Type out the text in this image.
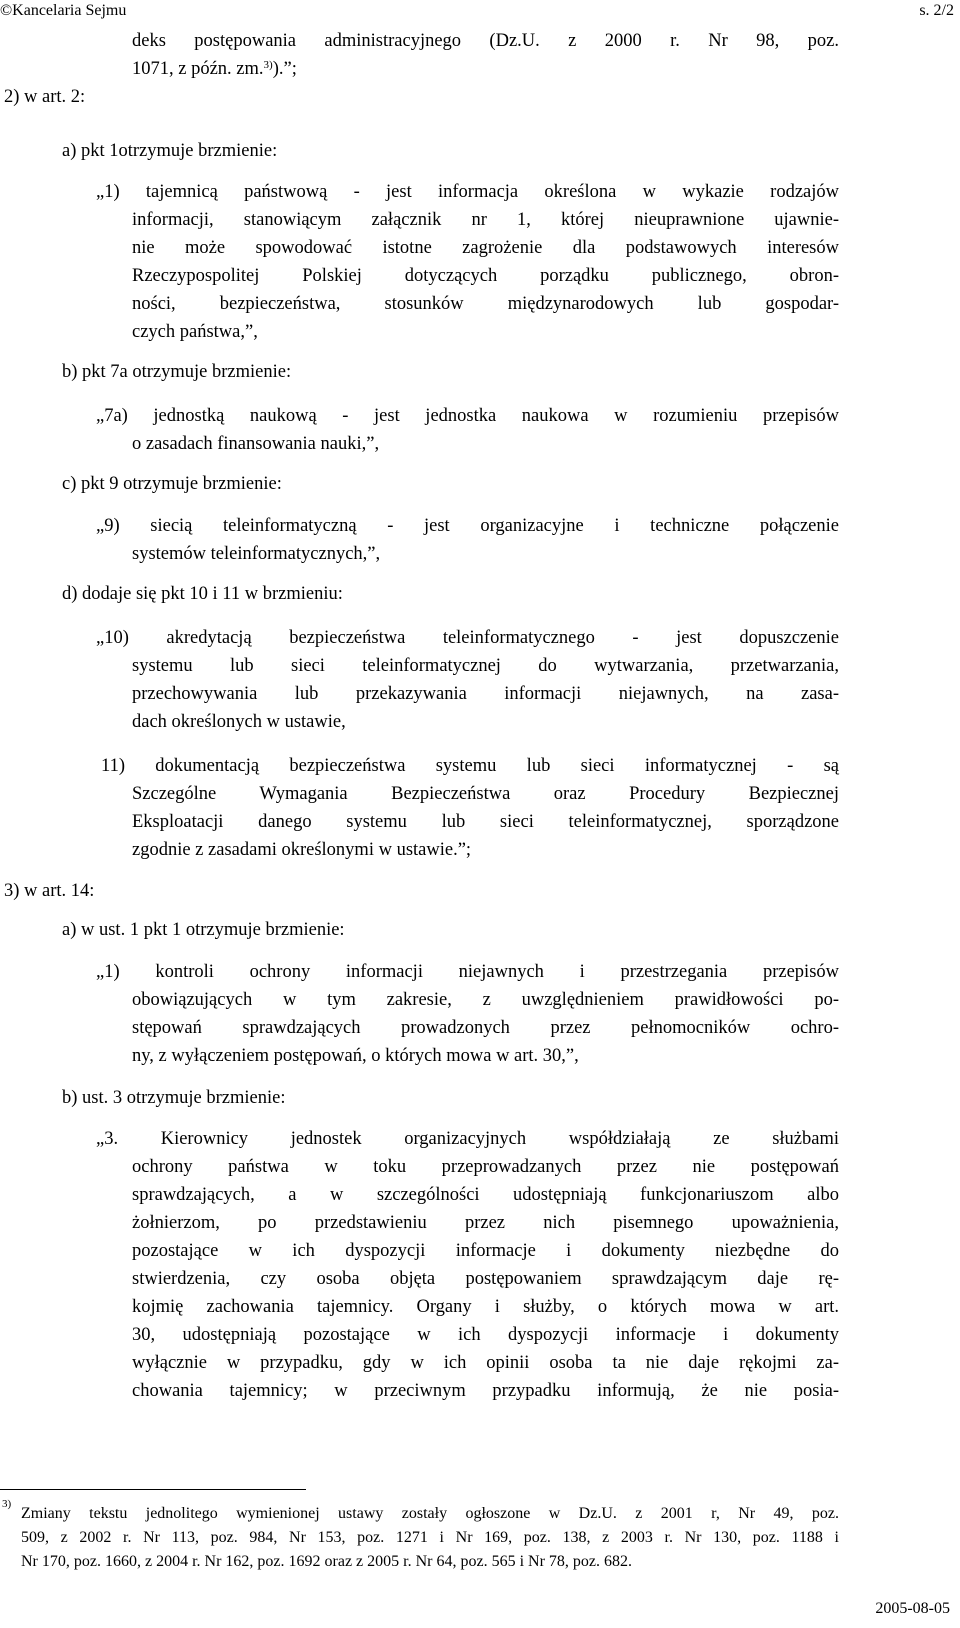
©Kancelaria Sejmu	s. 2/2
deks postępowania administracyjnego (Dz.U. z 2000 r. Nr 98, poz.
1071, z późn. zm.$^{3)}$).”;
2) w art. 2:
a) pkt 1otrzymuje brzmienie:
„1) tajemnicą państwową - jest informacja określona w wykazie rodzajów
informacji, stanowiącym załącznik nr 1, której nieuprawnione ujawnie-
nie może spowodować istotne zagrożenie dla podstawowych interesów
Rzeczypospolitej Polskiej dotyczących porządku publicznego, obron-
ności, bezpieczeństwa, stosunków międzynarodowych lub gospodar-
czych państwa,”,
b) pkt 7a otrzymuje brzmienie:
„7a) jednostką naukową - jest jednostka naukowa w rozumieniu przepisów
o zasadach finansowania nauki,”,
c) pkt 9 otrzymuje brzmienie:
„9) siecią teleinformatyczną - jest organizacyjne i techniczne połączenie
systemów teleinformatycznych,”,
d) dodaje się pkt 10 i 11 w brzmieniu:
„10) akredytacją bezpieczeństwa teleinformatycznego - jest dopuszczenie
systemu lub sieci teleinformatycznej do wytwarzania, przetwarzania,
przechowywania lub przekazywania informacji niejawnych, na zasa-
dach określonych w ustawie,
11) dokumentacją bezpieczeństwa systemu lub sieci informatycznej - są
Szczególne Wymagania Bezpieczeństwa oraz Procedury Bezpiecznej
Eksploatacji danego systemu lub sieci teleinformatycznej, sporządzone
zgodnie z zasadami określonymi w ustawie.”;
3) w art. 14:
a) w ust. 1 pkt 1 otrzymuje brzmienie:
„1) kontroli ochrony informacji niejawnych i przestrzegania przepisów
obowiązujących w tym zakresie, z uwzględnieniem prawidłowości po-
stępowań sprawdzających prowadzonych przez pełnomocników ochro-
ny, z wyłączeniem postępowań, o których mowa w art. 30,”,
b) ust. 3 otrzymuje brzmienie:
„3. Kierownicy jednostek organizacyjnych współdziałają ze służbami
ochrony państwa w toku przeprowadzanych przez nie postępowań
sprawdzających, a w szczególności udostępniają funkcjonariuszom albo
żołnierzom, po przedstawieniu przez nich pisemnego upoważnienia,
pozostające w ich dyspozycji informacje i dokumenty niezbędne do
stwierdzenia, czy osoba objęta postępowaniem sprawdzającym daje rę-
kojmię zachowania tajemnicy. Organy i służby, o których mowa w art.
30, udostępniają pozostające w ich dyspozycji informacje i dokumenty
wyłącznie w przypadku, gdy w ich opinii osoba ta nie daje rękojmi za-
chowania tajemnicy; w przeciwnym przypadku informują, że nie posia-
3)
Zmiany tekstu jednolitego wymienionej ustawy zostały ogłoszone w Dz.U. z 2001 r, Nr 49, poz.
509, z 2002 r. Nr 113, poz. 984, Nr 153, poz. 1271 i Nr 169, poz. 138, z 2003 r. Nr 130, poz. 1188 i
Nr 170, poz. 1660, z 2004 r. Nr 162, poz. 1692 oraz z 2005 r. Nr 64, poz. 565 i Nr 78, poz. 682.
2005-08-05
